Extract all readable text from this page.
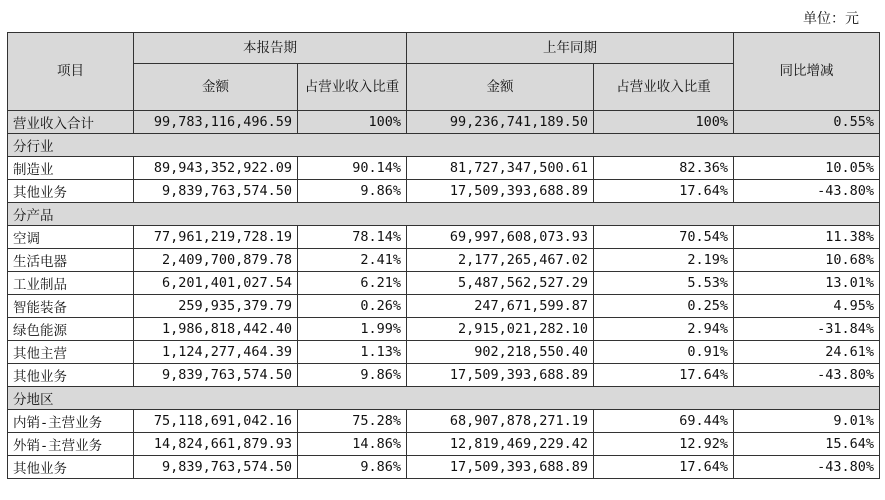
单位：元
项目	本报告期		上年同期		同比增减
	金额	占营业收入比重	金额	占营业收入比重	
营业收入合计	99,783,116,496.59	100%	99,236,741,189.50	100%	0.55%
分行业					
制造业	89,943,352,922.09	90.14%	81,727,347,500.61	82.36%	10.05%
其他业务	9,839,763,574.50	9.86%	17,509,393,688.89	17.64%	-43.80%
分产品					
空调	77,961,219,728.19	78.14%	69,997,608,073.93	70.54%	11.38%
生活电器	2,409,700,879.78	2.41%	2,177,265,467.02	2.19%	10.68%
工业制品	6,201,401,027.54	6.21%	5,487,562,527.29	5.53%	13.01%
智能装备	259,935,379.79	0.26%	247,671,599.87	0.25%	4.95%
绿色能源	1,986,818,442.40	1.99%	2,915,021,282.10	2.94%	-31.84%
其他主营	1,124,277,464.39	1.13%	902,218,550.40	0.91%	24.61%
其他业务	9,839,763,574.50	9.86%	17,509,393,688.89	17.64%	-43.80%
分地区					
内销-主营业务	75,118,691,042.16	75.28%	68,907,878,271.19	69.44%	9.01%
外销-主营业务	14,824,661,879.93	14.86%	12,819,469,229.42	12.92%	15.64%
其他业务	9,839,763,574.50	9.86%	17,509,393,688.89	17.64%	-43.80%
